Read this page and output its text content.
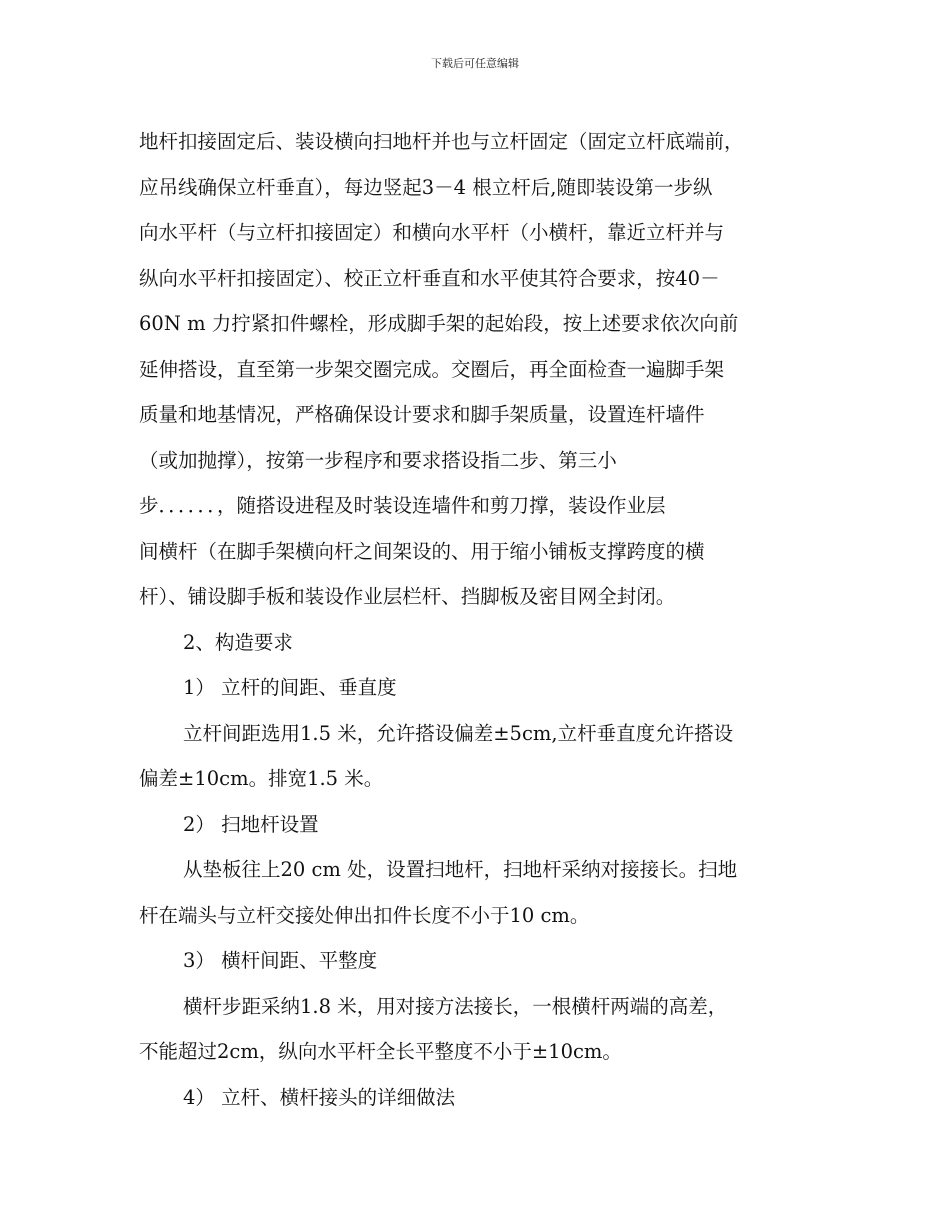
下载后可任意编辑
地杆扣接固定后、装设横向扫地杆并也与立杆固定（固定立杆底端前，
应吊线确保立杆垂直），每边竖起3－4 根立杆后,随即装设第一步纵
向水平杆（与立杆扣接固定）和横向水平杆（小横杆，靠近立杆并与
纵向水平杆扣接固定）、校正立杆垂直和水平使其符合要求，按40－
60N m 力拧紧扣件螺栓，形成脚手架的起始段，按上述要求依次向前
延伸搭设，直至第一步架交圈完成。交圈后，再全面检查一遍脚手架
质量和地基情况，严格确保设计要求和脚手架质量，设置连杆墙件
（或加抛撑），按第一步程序和要求搭设指二步、第三小
步．．．．．．，随搭设进程及时装设连墙件和剪刀撑，装设作业层
间横杆（在脚手架横向杆之间架设的、用于缩小铺板支撑跨度的横
杆）、铺设脚手板和装设作业层栏杆、挡脚板及密目网全封闭。
2、构造要求
1） 立杆的间距、垂直度
立杆间距选用1.5 米，允许搭设偏差±5cm,立杆垂直度允许搭设
偏差±10cm。排宽1.5 米。
2） 扫地杆设置
从垫板往上20 cm 处，设置扫地杆，扫地杆采纳对接接长。扫地
杆在端头与立杆交接处伸出扣件长度不小于10 cm。
3） 横杆间距、平整度
横杆步距采纳1.8 米，用对接方法接长，一根横杆两端的高差，
不能超过2cm，纵向水平杆全长平整度不小于±10cm。
4） 立杆、横杆接头的详细做法
